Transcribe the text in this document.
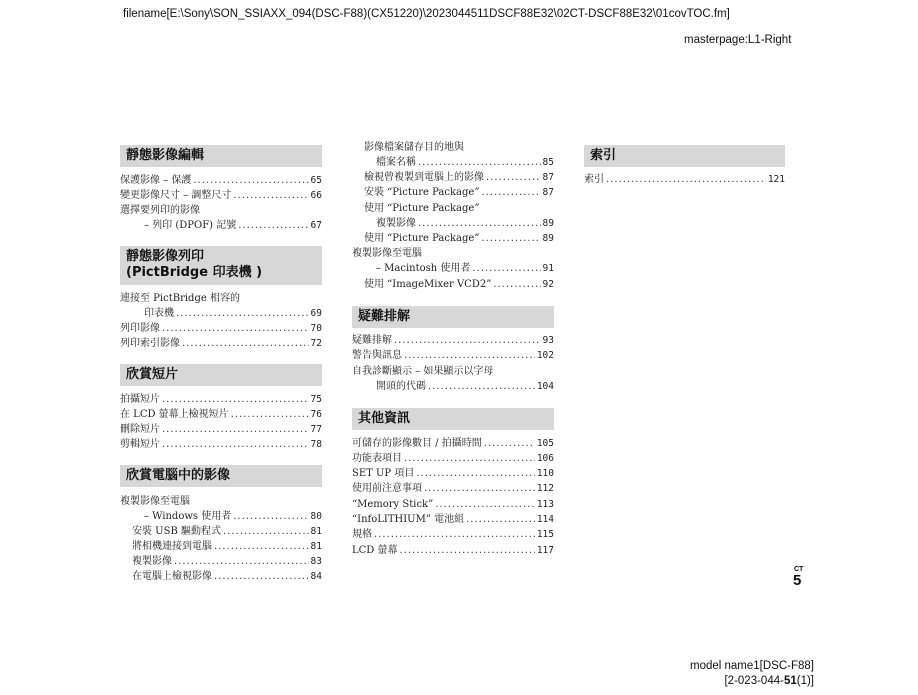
filename[E:\Sony\SON_SSIAXX_094(DSC-F88)(CX51220)\2023044511DSCF88E32\02CT-DSCF88E32\01covTOC.fm]
masterpage:L1-Right
靜態影像編輯
保護影像 – 保護 .....	65
變更影像尺寸 – 調整尺寸 .....	66
選擇要列印的影像
– 列印 (DPOF) 記號 .....	67
靜態影像列印
(PictBridge 印表機 )
連接至 PictBridge 相容的
印表機 .....	69
列印影像 .....	70
列印索引影像 .....	72
欣賞短片
拍攝短片 .....	75
在 LCD 螢幕上檢視短片 .....	76
刪除短片 .....	77
剪輯短片 .....	78
欣賞電腦中的影像
複製影像至電腦
– Windows 使用者 .....	80
安裝 USB 驅動程式 .....	81
將相機連接到電腦 .....	81
複製影像 .....	83
在電腦上檢視影像 .....	84
影像檔案儲存目的地與
檔案名稱 .....	85
檢視曾複製到電腦上的影像 .....	87
安裝 “Picture Package” .....	87
使用 “Picture Package”
複製影像 .....	89
使用 “Picture Package” .....	89
複製影像至電腦
– Macintosh 使用者 .....	91
使用 “ImageMixer VCD2” .....	92
疑難排解
疑難排解 .....	93
警告與訊息 .....	102
自我診斷顯示 – 如果顯示以字母
開頭的代碼 .....	104
其他資訊
可儲存的影像數目 / 拍攝時間 .....	105
功能表項目 .....	106
SET UP 項目 .....	110
使用前注意事項 .....	112
“Memory Stick” .....	113
“InfoLITHIUM” 電池組 .....	114
規格 .....	115
LCD 螢幕 .....	117
索引
索引 .....	121
CT
5
model name1[DSC-F88]
[2-023-044-51(1)]
